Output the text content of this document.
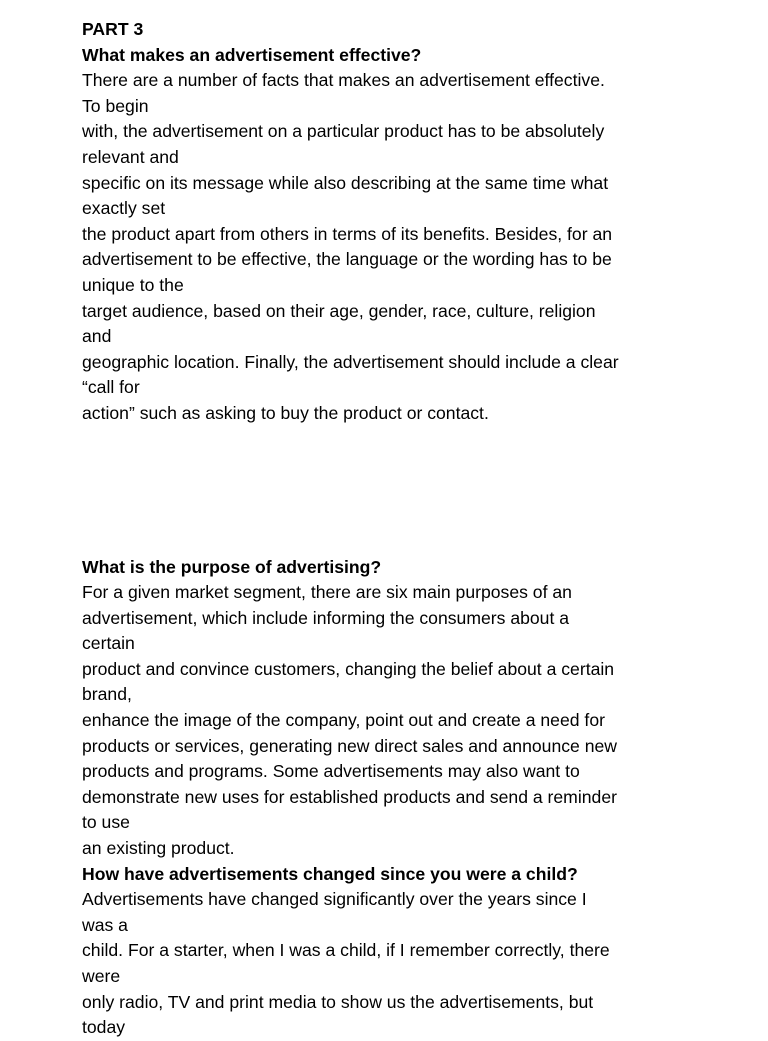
PART 3
What makes an advertisement effective?
There are a number of facts that makes an advertisement effective.
To begin
with, the advertisement on a particular product has to be absolutely
relevant and
specific on its message while also describing at the same time what
exactly set
the product apart from others in terms of its benefits. Besides, for an
advertisement to be effective, the language or the wording has to be
unique to the
target audience, based on their age, gender, race, culture, religion
and
geographic location. Finally, the advertisement should include a clear
“call for
action” such as asking to buy the product or contact.
What is the purpose of advertising?
For a given market segment, there are six main purposes of an
advertisement, which include informing the consumers about a
certain
product and convince customers, changing the belief about a certain
brand,
enhance the image of the company, point out and create a need for
products or services, generating new direct sales and announce new
products and programs. Some advertisements may also want to
demonstrate new uses for established products and send a reminder
to use
an existing product.
How have advertisements changed since you were a child?
Advertisements have changed significantly over the years since I
was a
child. For a starter, when I was a child, if I remember correctly, there
were
only radio, TV and print media to show us the advertisements, but
today
